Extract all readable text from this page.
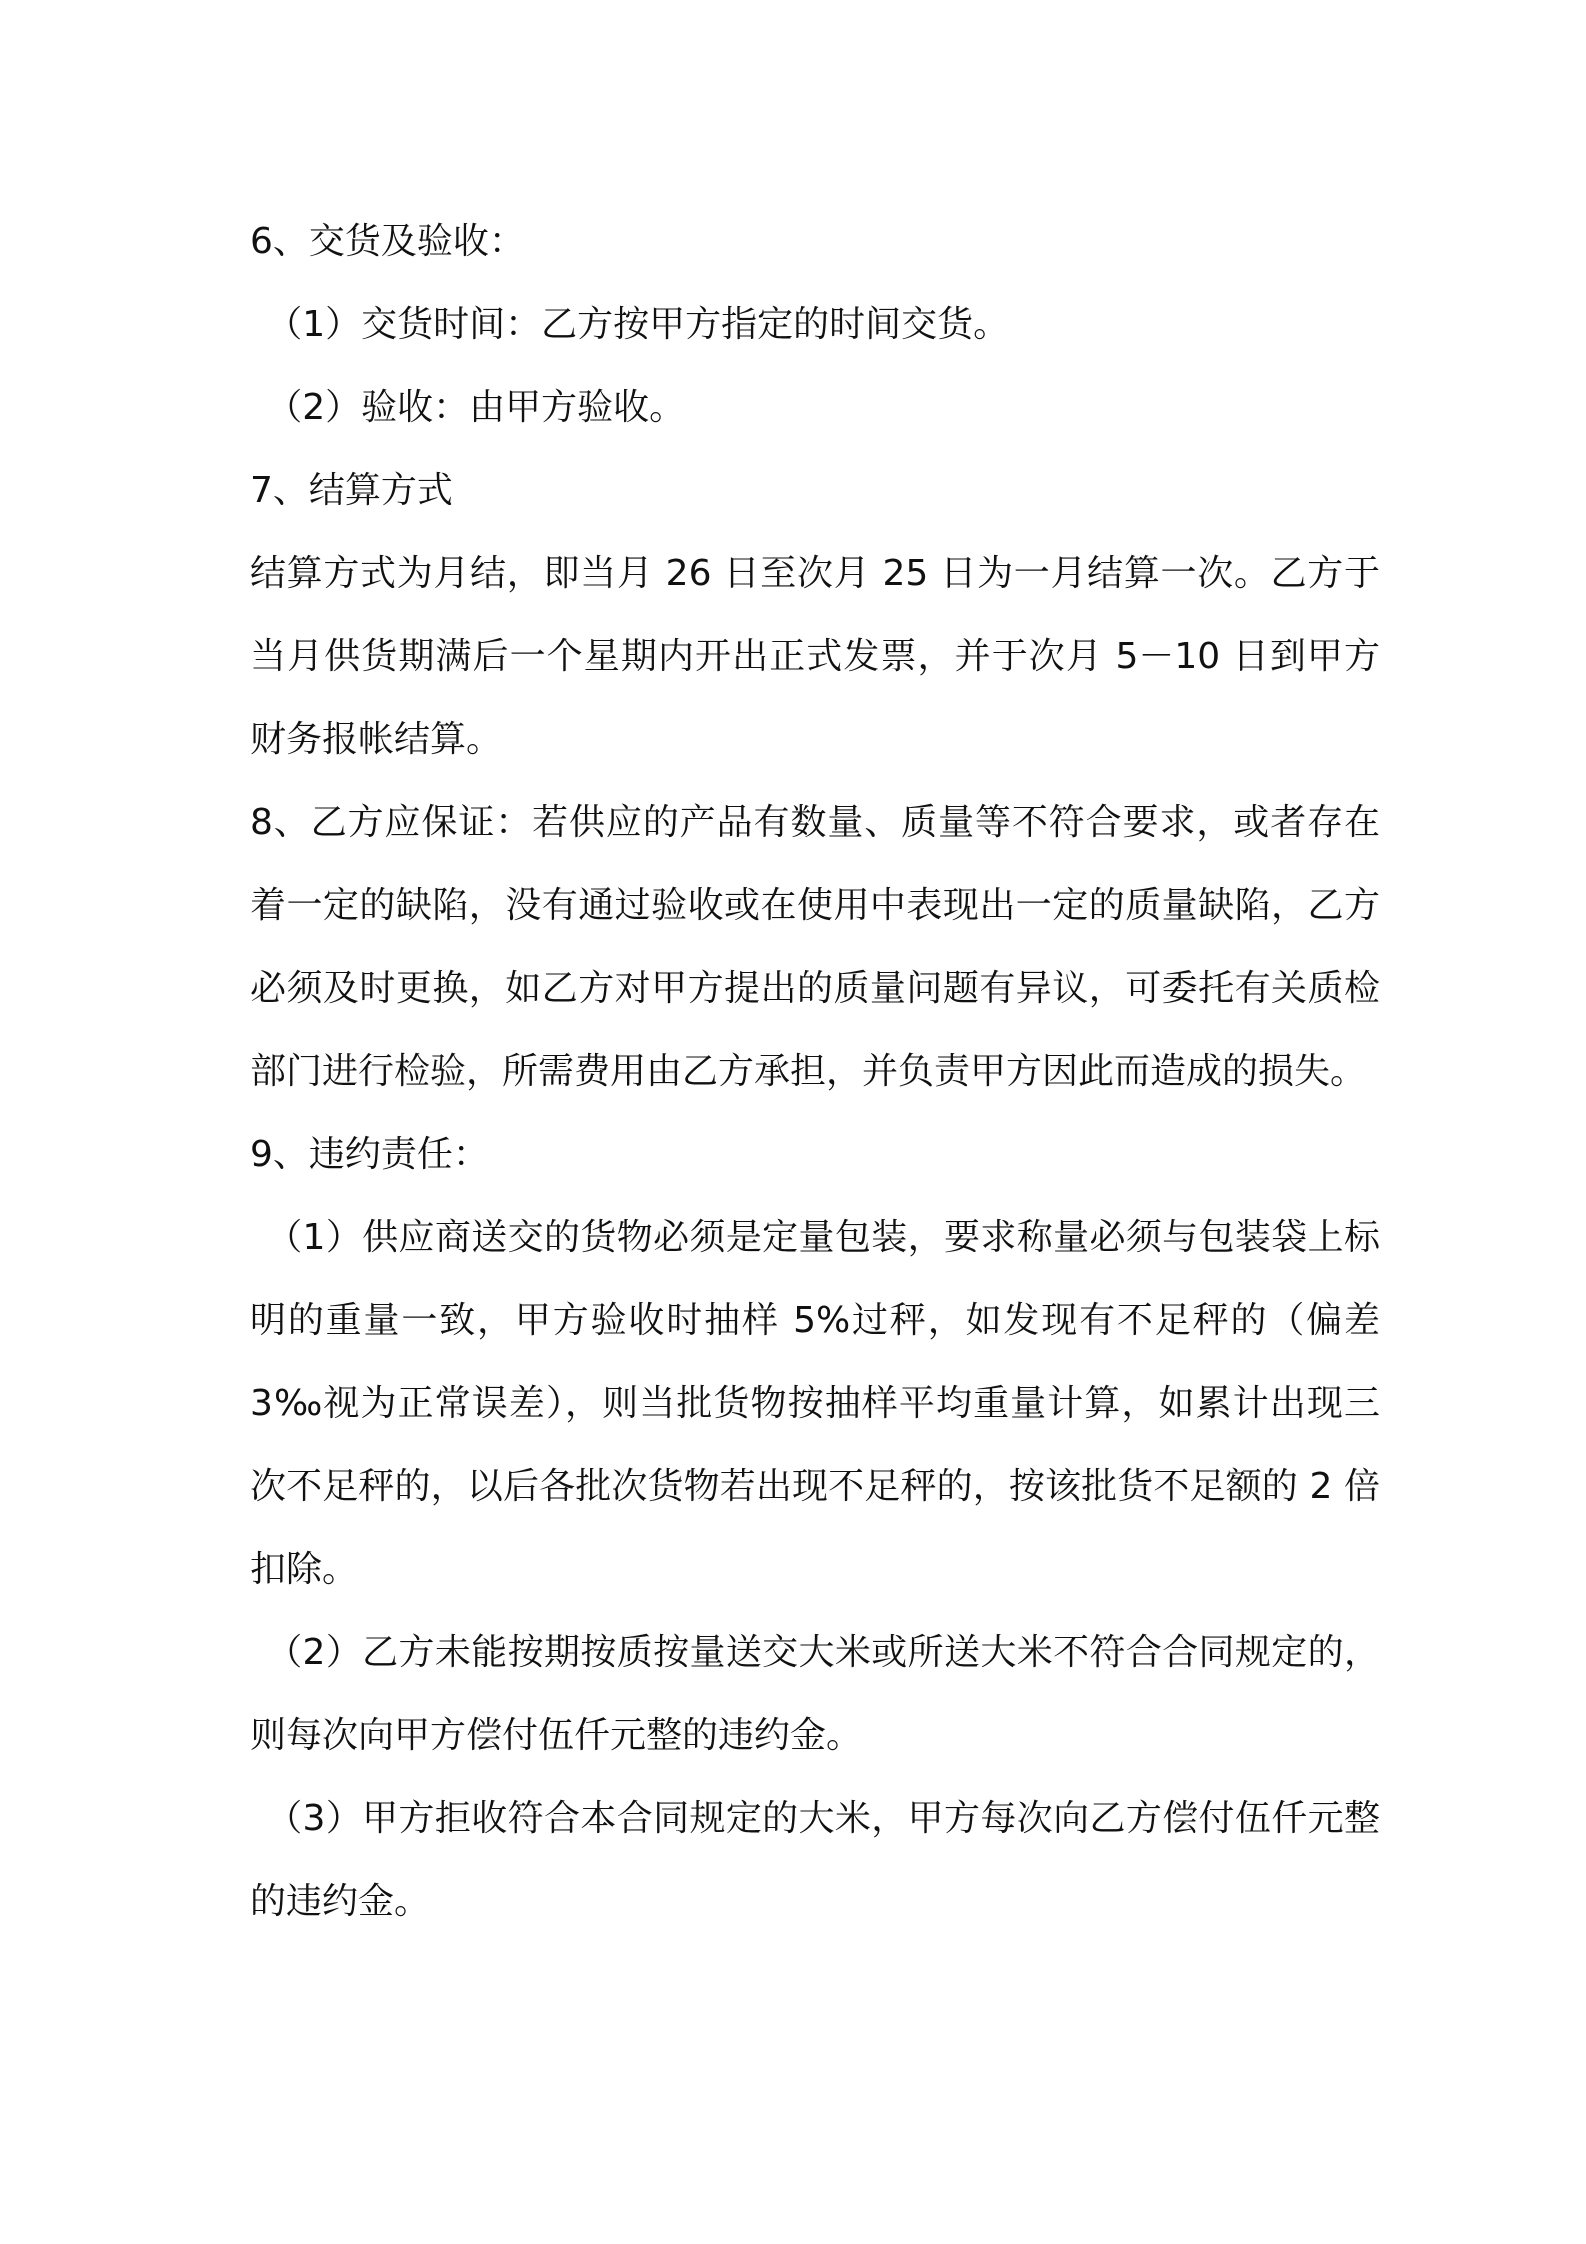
6、交货及验收：

（1）交货时间：乙方按甲方指定的时间交货。

（2）验收：由甲方验收。

7、结算方式

结算方式为月结，即当月 26 日至次月 25 日为一月结算一次。乙方于当月供货期满后一个星期内开出正式发票，并于次月 5－10 日到甲方财务报帐结算。

8、乙方应保证：若供应的产品有数量、质量等不符合要求，或者存在着一定的缺陷，没有通过验收或在使用中表现出一定的质量缺陷，乙方必须及时更换，如乙方对甲方提出的质量问题有异议，可委托有关质检部门进行检验，所需费用由乙方承担，并负责甲方因此而造成的损失。

9、违约责任：

（1）供应商送交的货物必须是定量包装，要求称量必须与包装袋上标明的重量一致，甲方验收时抽样 5%过秤，如发现有不足秤的（偏差 3‰视为正常误差），则当批货物按抽样平均重量计算，如累计出现三次不足秤的，以后各批次货物若出现不足秤的，按该批货不足额的 2 倍扣除。

（2）乙方未能按期按质按量送交大米或所送大米不符合合同规定的，则每次向甲方偿付伍仟元整的违约金。

（3）甲方拒收符合本合同规定的大米，甲方每次向乙方偿付伍仟元整的违约金。
